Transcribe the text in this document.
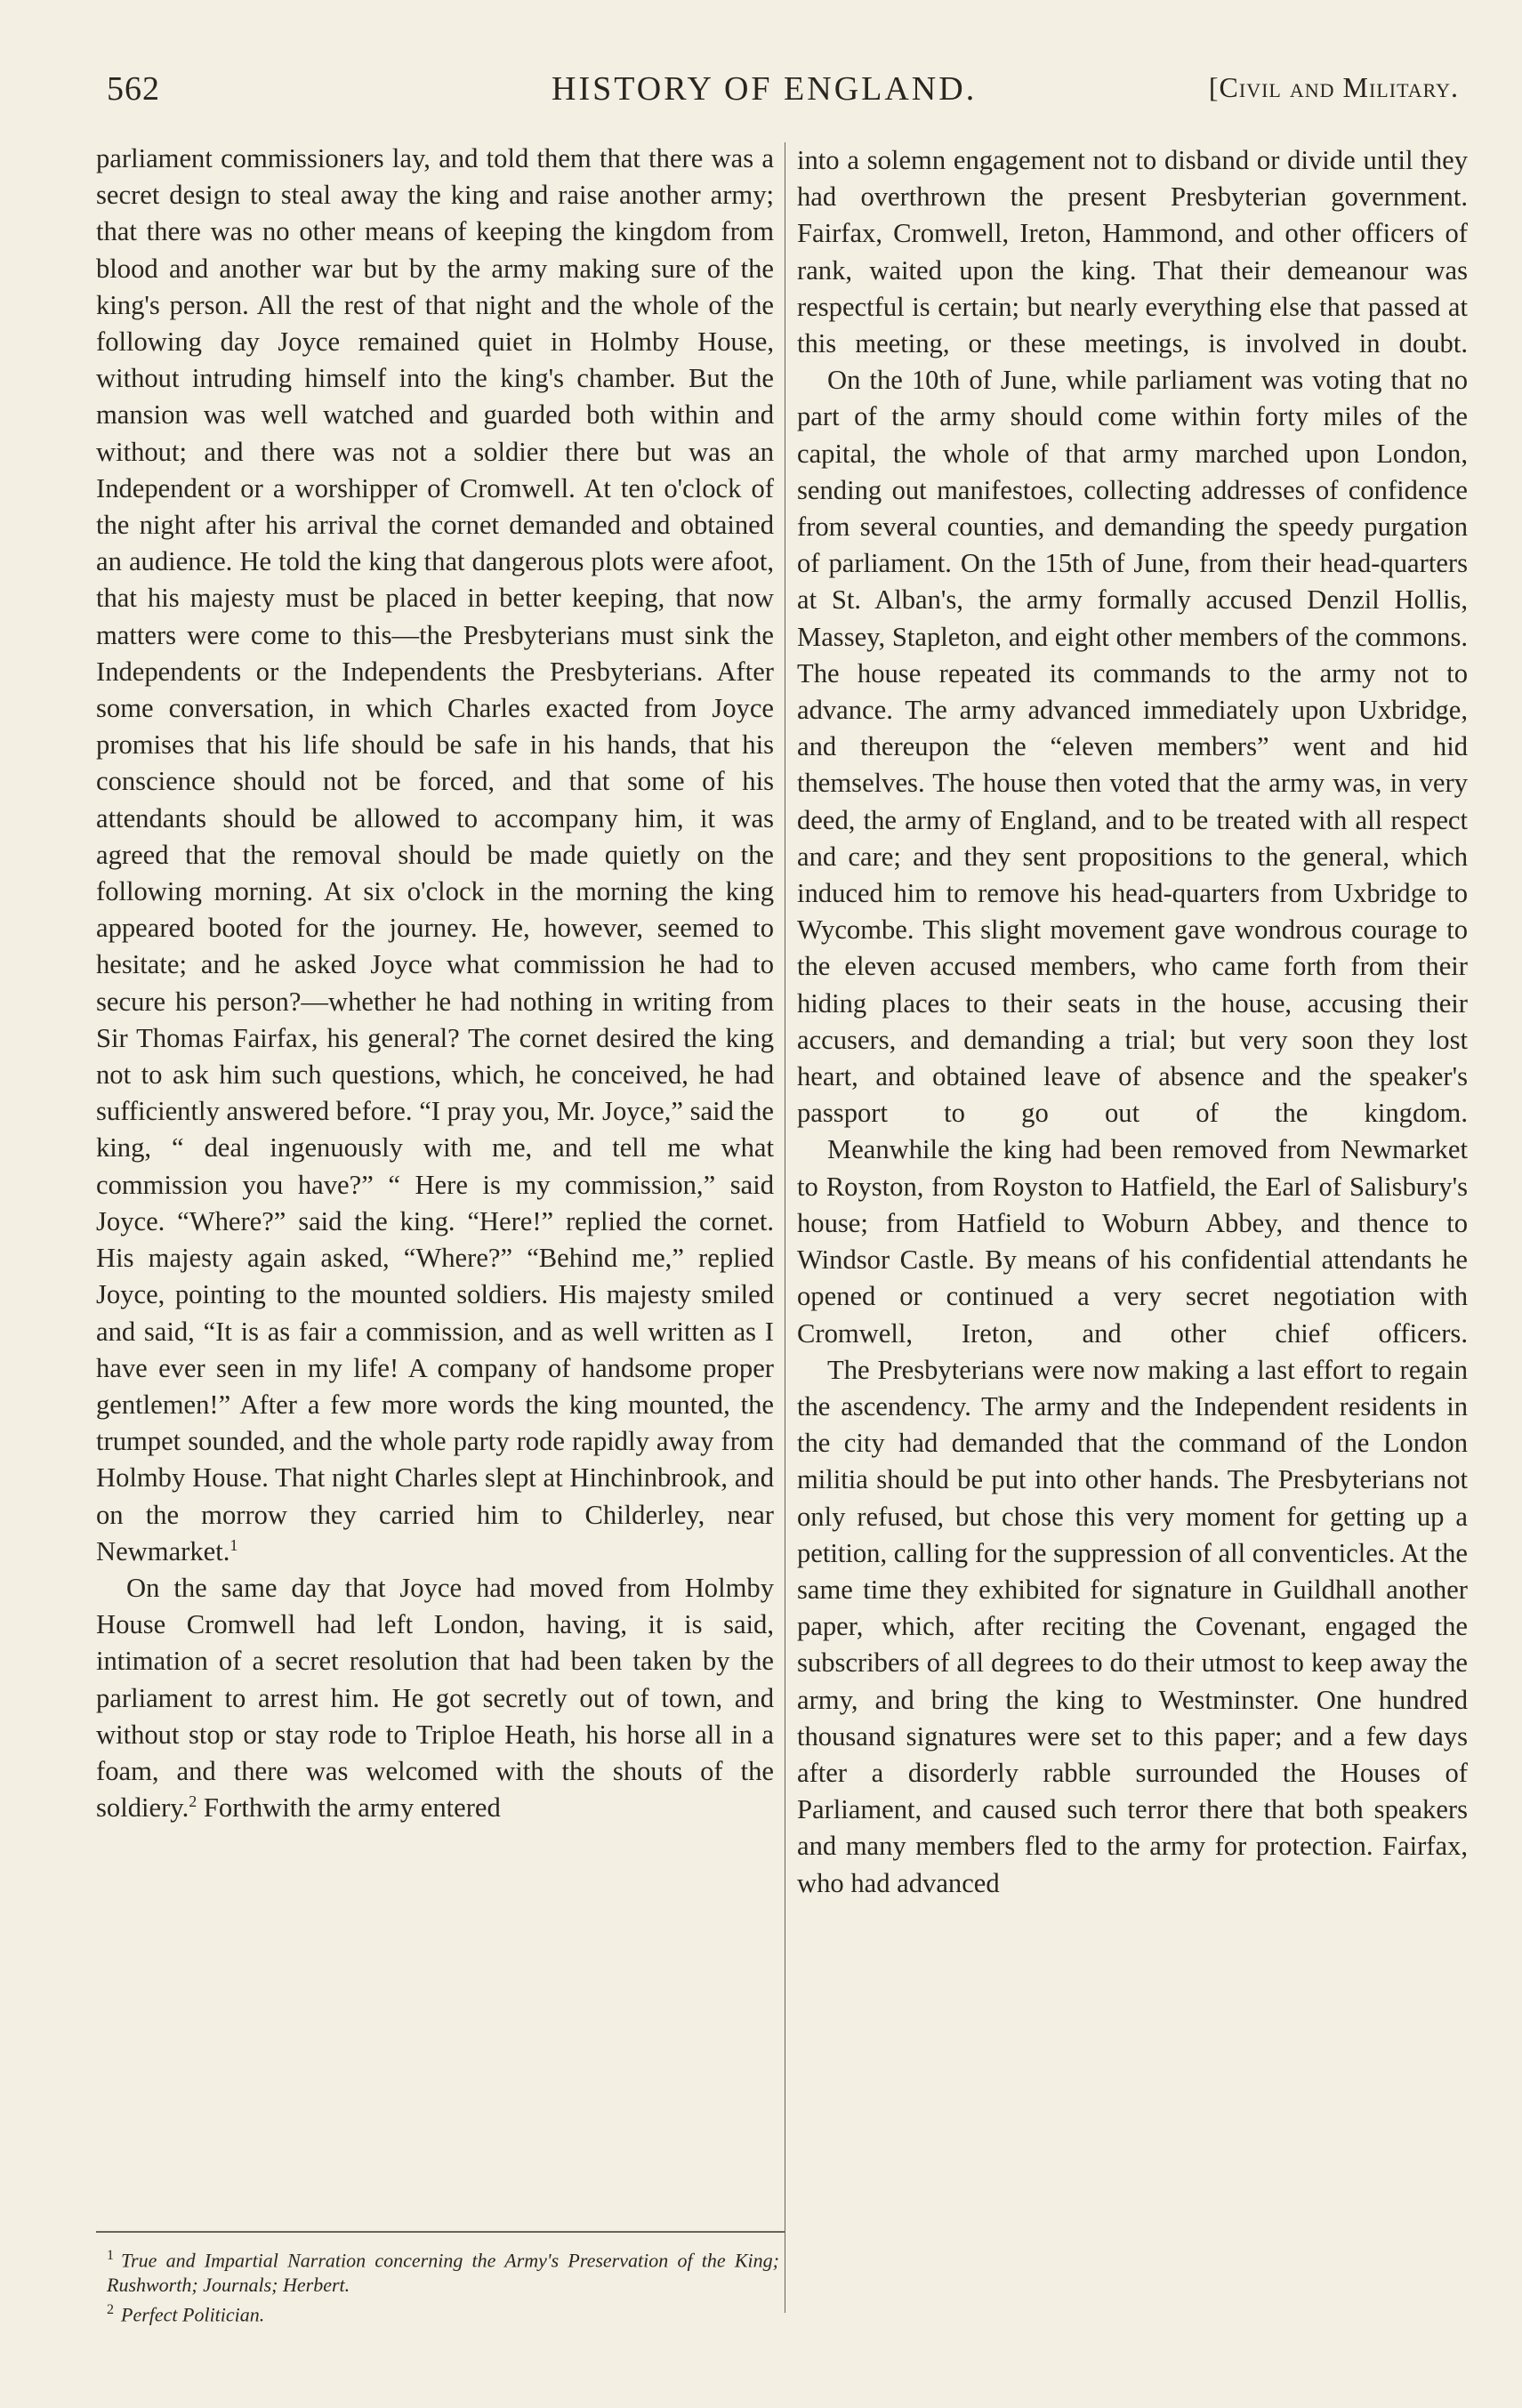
562	HISTORY OF ENGLAND.	[Civil and Military.

parliament commissioners lay, and told them that there was a secret design to steal away the king and raise another army; that there was no other means of keeping the kingdom from blood and another war but by the army making sure of the king's person. All the rest of that night and the whole of the following day Joyce remained quiet in Holmby House, without intruding himself into the king's chamber. But the mansion was well watched and guarded both within and without; and there was not a soldier there but was an Independent or a worshipper of Cromwell. At ten o'clock of the night after his arrival the cornet demanded and obtained an audience. He told the king that dangerous plots were afoot, that his majesty must be placed in better keeping, that now matters were come to this—the Presbyterians must sink the Independents or the Independents the Presbyterians. After some conversation, in which Charles exacted from Joyce promises that his life should be safe in his hands, that his conscience should not be forced, and that some of his attendants should be allowed to accompany him, it was agreed that the removal should be made quietly on the following morning. At six o'clock in the morning the king appeared booted for the journey. He, however, seemed to hesitate; and he asked Joyce what commission he had to secure his person?—whether he had nothing in writing from Sir Thomas Fairfax, his general? The cornet desired the king not to ask him such questions, which, he conceived, he had sufficiently answered before. “I pray you, Mr. Joyce,” said the king, “ deal ingenuously with me, and tell me what commission you have?” “ Here is my commission,” said Joyce. “Where?” said the king. “Here!” replied the cornet. His majesty again asked, “Where?” “Behind me,” replied Joyce, pointing to the mounted soldiers. His majesty smiled and said, “It is as fair a commission, and as well written as I have ever seen in my life! A company of handsome proper gentlemen!” After a few more words the king mounted, the trumpet sounded, and the whole party rode rapidly away from Holmby House. That night Charles slept at Hinchinbrook, and on the morrow they carried him to Childerley, near Newmarket.$^1$

On the same day that Joyce had moved from Holmby House Cromwell had left London, having, it is said, intimation of a secret resolution that had been taken by the parliament to arrest him. He got secretly out of town, and without stop or stay rode to Triploe Heath, his horse all in a foam, and there was welcomed with the shouts of the soldiery.$^2$ Forthwith the army entered

into a solemn engagement not to disband or divide until they had overthrown the present Presbyterian government. Fairfax, Cromwell, Ireton, Hammond, and other officers of rank, waited upon the king. That their demeanour was respectful is certain; but nearly everything else that passed at this meeting, or these meetings, is involved in doubt.

On the 10th of June, while parliament was voting that no part of the army should come within forty miles of the capital, the whole of that army marched upon London, sending out manifestoes, collecting addresses of confidence from several counties, and demanding the speedy purgation of parliament. On the 15th of June, from their head-quarters at St. Alban's, the army formally accused Denzil Hollis, Massey, Stapleton, and eight other members of the commons. The house repeated its commands to the army not to advance. The army advanced immediately upon Uxbridge, and thereupon the “eleven members” went and hid themselves. The house then voted that the army was, in very deed, the army of England, and to be treated with all respect and care; and they sent propositions to the general, which induced him to remove his head-quarters from Uxbridge to Wycombe. This slight movement gave wondrous courage to the eleven accused members, who came forth from their hiding places to their seats in the house, accusing their accusers, and demanding a trial; but very soon they lost heart, and obtained leave of absence and the speaker's passport to go out of the kingdom.

Meanwhile the king had been removed from Newmarket to Royston, from Royston to Hatfield, the Earl of Salisbury's house; from Hatfield to Woburn Abbey, and thence to Windsor Castle. By means of his confidential attendants he opened or continued a very secret negotiation with Cromwell, Ireton, and other chief officers.

The Presbyterians were now making a last effort to regain the ascendency. The army and the Independent residents in the city had demanded that the command of the London militia should be put into other hands. The Presbyterians not only refused, but chose this very moment for getting up a petition, calling for the suppression of all conventicles. At the same time they exhibited for signature in Guildhall another paper, which, after reciting the Covenant, engaged the subscribers of all degrees to do their utmost to keep away the army, and bring the king to Westminster. One hundred thousand signatures were set to this paper; and a few days after a disorderly rabble surrounded the Houses of Parliament, and caused such terror there that both speakers and many members fled to the army for protection. Fairfax, who had advanced

$^1$ True and Impartial Narration concerning the Army's Preservation of the King; Rushworth; Journals; Herbert.

$^2$ Perfect Politician.
